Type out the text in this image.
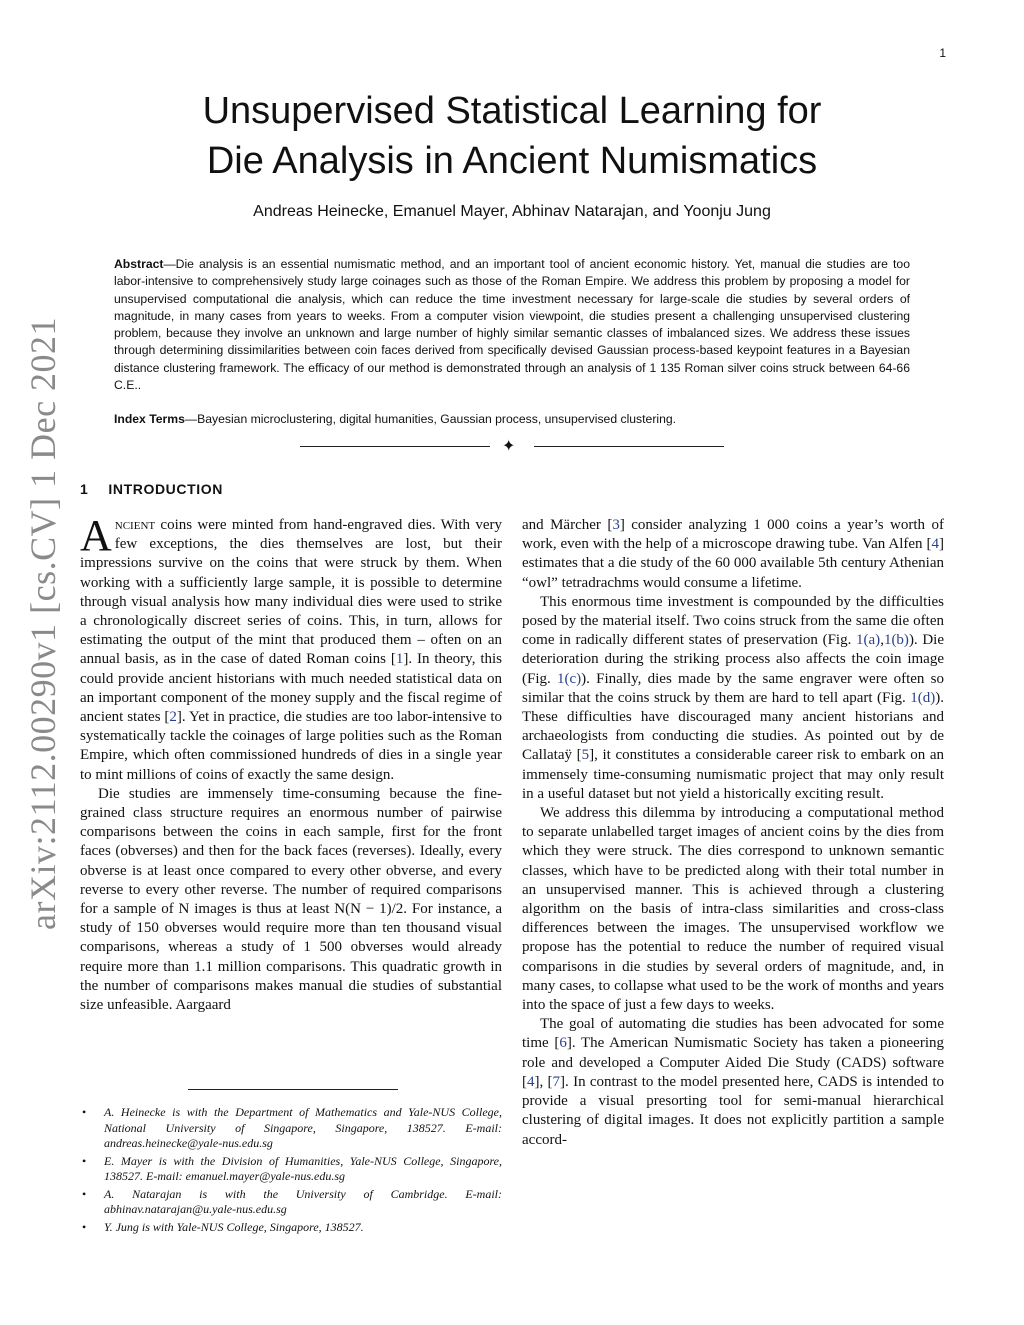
1
arXiv:2112.00290v1 [cs.CV] 1 Dec 2021
Unsupervised Statistical Learning for
Die Analysis in Ancient Numismatics
Andreas Heinecke, Emanuel Mayer, Abhinav Natarajan, and Yoonju Jung
Abstract—Die analysis is an essential numismatic method, and an important tool of ancient economic history. Yet, manual die studies are too labor-intensive to comprehensively study large coinages such as those of the Roman Empire. We address this problem by proposing a model for unsupervised computational die analysis, which can reduce the time investment necessary for large-scale die studies by several orders of magnitude, in many cases from years to weeks. From a computer vision viewpoint, die studies present a challenging unsupervised clustering problem, because they involve an unknown and large number of highly similar semantic classes of imbalanced sizes. We address these issues through determining dissimilarities between coin faces derived from specifically devised Gaussian process-based keypoint features in a Bayesian distance clustering framework. The efficacy of our method is demonstrated through an analysis of 1 135 Roman silver coins struck between 64-66 C.E..
Index Terms—Bayesian microclustering, digital humanities, Gaussian process, unsupervised clustering.
✦
1 INTRODUCTION

Ancient coins were minted from hand-engraved dies. With very few exceptions, the dies themselves are lost, but their impressions survive on the coins that were struck by them. When working with a sufficiently large sample, it is possible to determine through visual analysis how many individual dies were used to strike a chronologically discreet series of coins. This, in turn, allows for estimating the output of the mint that produced them – often on an annual basis, as in the case of dated Roman coins [1]. In theory, this could provide ancient historians with much needed statistical data on an important component of the money supply and the fiscal regime of ancient states [2]. Yet in practice, die studies are too labor-intensive to systematically tackle the coinages of large polities such as the Roman Empire, which often commissioned hundreds of dies in a single year to mint millions of coins of exactly the same design.

Die studies are immensely time-consuming because the fine-grained class structure requires an enormous number of pairwise comparisons between the coins in each sample, first for the front faces (obverses) and then for the back faces (reverses). Ideally, every obverse is at least once compared to every other obverse, and every reverse to every other reverse. The number of required comparisons for a sample of N images is thus at least N(N − 1)/2. For instance, a study of 150 obverses would require more than ten thousand visual comparisons, whereas a study of 1 500 obverses would already require more than 1.1 million comparisons. This quadratic growth in the number of comparisons makes manual die studies of substantial size unfeasible. Aargaard

• A. Heinecke is with the Department of Mathematics and Yale-NUS College, National University of Singapore, Singapore, 138527. E-mail: andreas.heinecke@yale-nus.edu.sg
• E. Mayer is with the Division of Humanities, Yale-NUS College, Singapore, 138527. E-mail: emanuel.mayer@yale-nus.edu.sg
• A. Natarajan is with the University of Cambridge. E-mail: abhinav.natarajan@u.yale-nus.edu.sg
• Y. Jung is with Yale-NUS College, Singapore, 138527.

and Märcher [3] consider analyzing 1 000 coins a year’s worth of work, even with the help of a microscope drawing tube. Van Alfen [4] estimates that a die study of the 60 000 available 5th century Athenian “owl” tetradrachms would consume a lifetime.

This enormous time investment is compounded by the difficulties posed by the material itself. Two coins struck from the same die often come in radically different states of preservation (Fig. 1(a),1(b)). Die deterioration during the striking process also affects the coin image (Fig. 1(c)). Finally, dies made by the same engraver were often so similar that the coins struck by them are hard to tell apart (Fig. 1(d)). These difficulties have discouraged many ancient historians and archaeologists from conducting die studies. As pointed out by de Callataÿ [5], it constitutes a considerable career risk to embark on an immensely time-consuming numismatic project that may only result in a useful dataset but not yield a historically exciting result.

We address this dilemma by introducing a computational method to separate unlabelled target images of ancient coins by the dies from which they were struck. The dies correspond to unknown semantic classes, which have to be predicted along with their total number in an unsupervised manner. This is achieved through a clustering algorithm on the basis of intra-class similarities and cross-class differences between the images. The unsupervised workflow we propose has the potential to reduce the number of required visual comparisons in die studies by several orders of magnitude, and, in many cases, to collapse what used to be the work of months and years into the space of just a few days to weeks.

The goal of automating die studies has been advocated for some time [6]. The American Numismatic Society has taken a pioneering role and developed a Computer Aided Die Study (CADS) software [4], [7]. In contrast to the model presented here, CADS is intended to provide a visual presorting tool for semi-manual hierarchical clustering of digital images. It does not explicitly partition a sample accord-
